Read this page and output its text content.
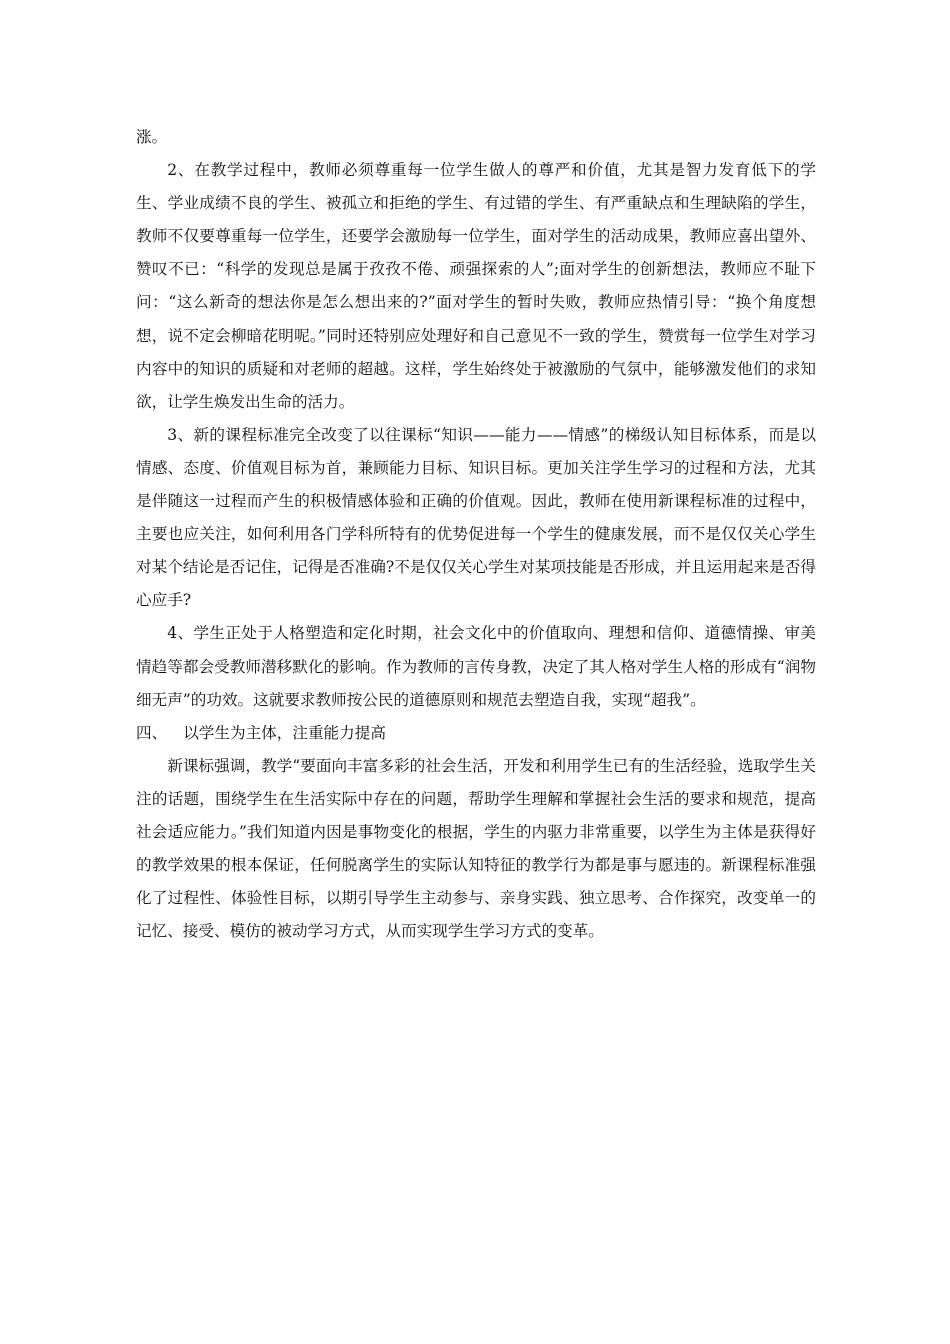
涨。

2、在教学过程中，教师必须尊重每一位学生做人的尊严和价值，尤其是智力发育低下的学生、学业成绩不良的学生、被孤立和拒绝的学生、有过错的学生、有严重缺点和生理缺陷的学生，教师不仅要尊重每一位学生，还要学会激励每一位学生，面对学生的活动成果，教师应喜出望外、赞叹不已：“科学的发现总是属于孜孜不倦、顽强探索的人”;面对学生的创新想法，教师应不耻下问：“这么新奇的想法你是怎么想出来的?”面对学生的暂时失败，教师应热情引导：“换个角度想想，说不定会柳暗花明呢。”同时还特别应处理好和自己意见不一致的学生，赞赏每一位学生对学习内容中的知识的质疑和对老师的超越。这样，学生始终处于被激励的气氛中，能够激发他们的求知欲，让学生焕发出生命的活力。

3、新的课程标准完全改变了以往课标“知识——能力——情感”的梯级认知目标体系，而是以情感、态度、价值观目标为首，兼顾能力目标、知识目标。更加关注学生学习的过程和方法，尤其是伴随这一过程而产生的积极情感体验和正确的价值观。因此，教师在使用新课程标准的过程中，主要也应关注，如何利用各门学科所特有的优势促进每一个学生的健康发展，而不是仅仅关心学生对某个结论是否记住，记得是否准确?不是仅仅关心学生对某项技能是否形成，并且运用起来是否得心应手?

4、学生正处于人格塑造和定化时期，社会文化中的价值取向、理想和信仰、道德情操、审美情趋等都会受教师潜移默化的影响。作为教师的言传身教，决定了其人格对学生人格的形成有“润物细无声”的功效。这就要求教师按公民的道德原则和规范去塑造自我，实现“超我”。

四、 以学生为主体，注重能力提高

新课标强调，教学“要面向丰富多彩的社会生活，开发和利用学生已有的生活经验，选取学生关注的话题，围绕学生在生活实际中存在的问题，帮助学生理解和掌握社会生活的要求和规范，提高社会适应能力。”我们知道内因是事物变化的根据，学生的内驱力非常重要，以学生为主体是获得好的教学效果的根本保证，任何脱离学生的实际认知特征的教学行为都是事与愿违的。新课程标准强化了过程性、体验性目标，以期引导学生主动参与、亲身实践、独立思考、合作探究，改变单一的记忆、接受、模仿的被动学习方式，从而实现学生学习方式的变革。
